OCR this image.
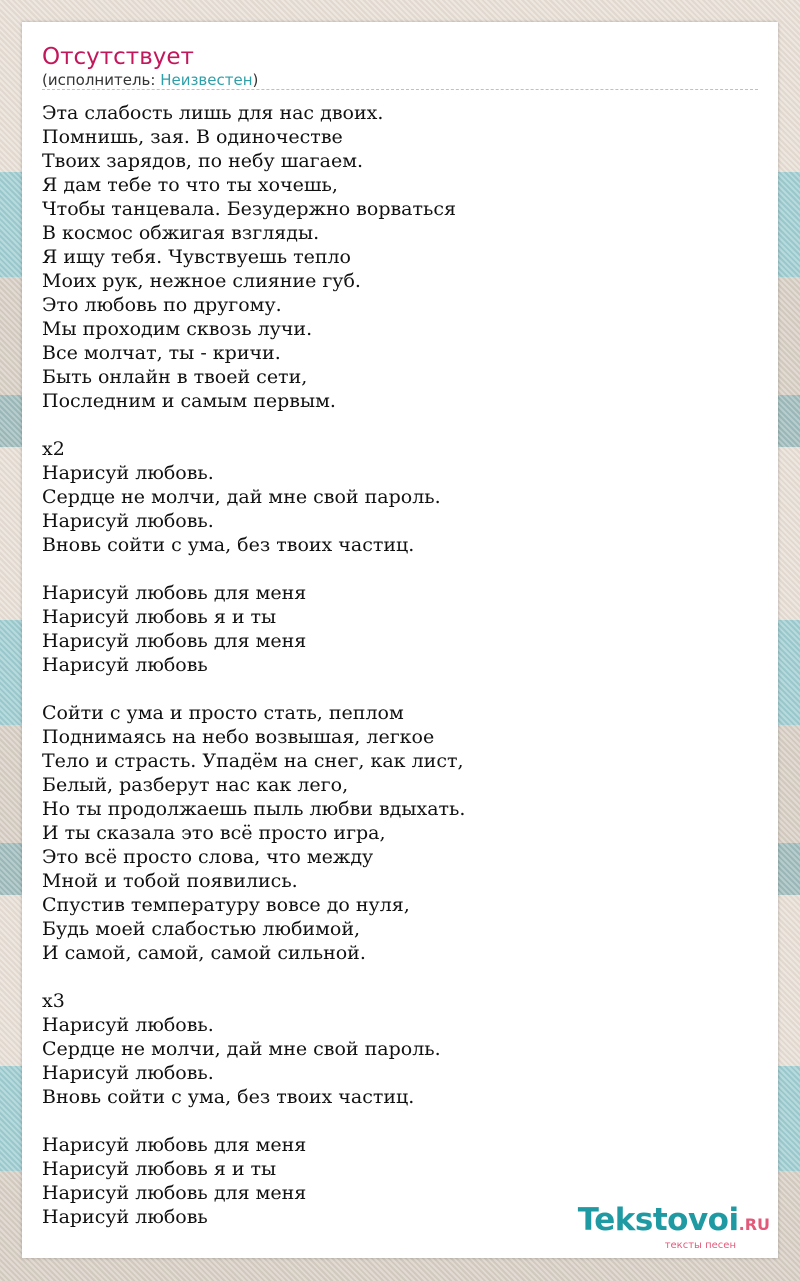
Отсутствует
(исполнитель: Неизвестен)
Эта слабость лишь для нас двоих.
Помнишь, зая. В одиночестве
Твоих зарядов, по небу шагаем.
Я дам тебе то что ты хочешь,
Чтобы танцевала. Безудержно ворваться
В космос обжигая взгляды.
Я ищу тебя. Чувствуешь тепло
Моих рук, нежное слияние губ.
Это любовь по другому.
Мы проходим сквозь лучи.
Все молчат, ты - кричи.
Быть онлайн в твоей сети,
Последним и самым первым.
x2
Нарисуй любовь.
Сердце не молчи, дай мне свой пароль.
Нарисуй любовь.
Вновь сойти с ума, без твоих частиц.
Нарисуй любовь для меня
Нарисуй любовь я и ты
Нарисуй любовь для меня
Нарисуй любовь
Сойти с ума и просто стать, пеплом
Поднимаясь на небо возвышая, легкое
Тело и страсть. Упадём на снег, как лист,
Белый, разберут нас как лего,
Но ты продолжаешь пыль любви вдыхать.
И ты сказала это всё просто игра,
Это всё просто слова, что между
Мной и тобой появились.
Спустив температуру вовсе до нуля,
Будь моей слабостью любимой,
И самой, самой, самой сильной.
x3
Нарисуй любовь.
Сердце не молчи, дай мне свой пароль.
Нарисуй любовь.
Вновь сойти с ума, без твоих частиц.
Нарисуй любовь для меня
Нарисуй любовь я и ты
Нарисуй любовь для меня
Нарисуй любовь	Tekstovoi.RU
тексты песен
